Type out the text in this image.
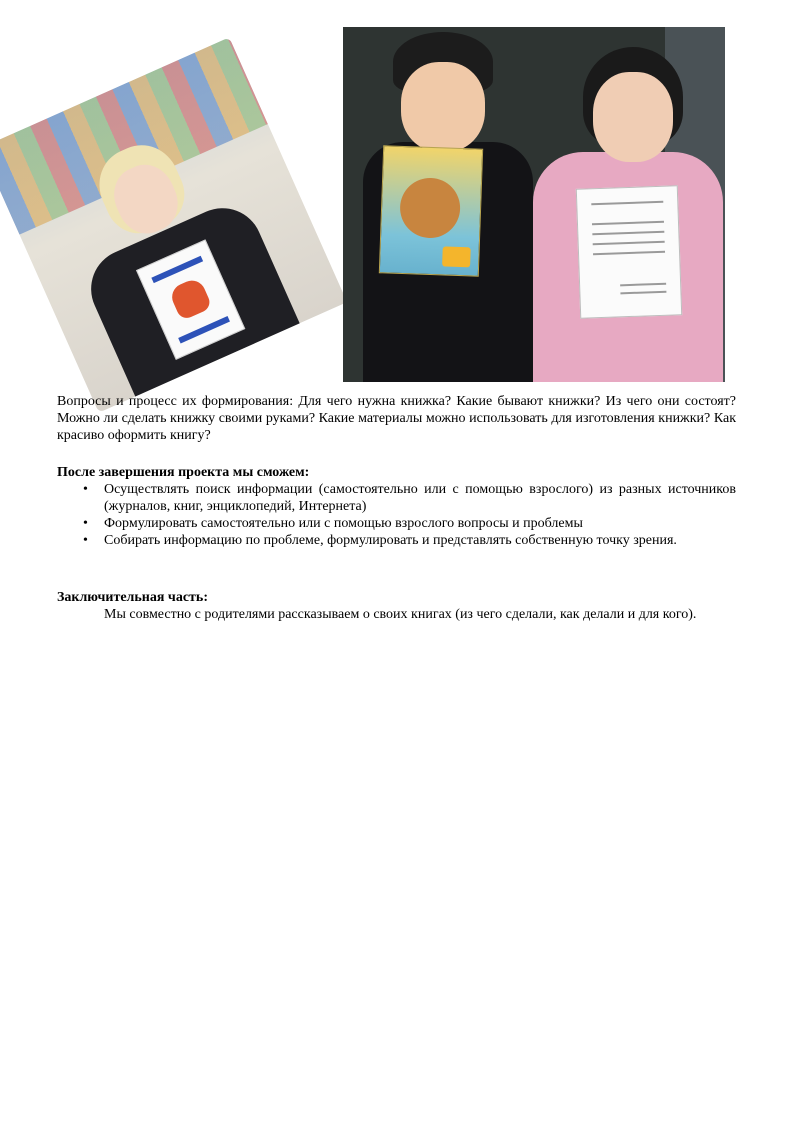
Вопросы и процесс их формирования: Для чего нужна книжка? Какие бывают книжки? Из чего они состоят? Можно ли сделать книжку своими руками? Какие материалы можно использовать для изготовления книжки? Как красиво оформить книгу?
После завершения проекта мы сможем:
• Осуществлять поиск информации (самостоятельно или с помощью взрослого) из разных источников (журналов, книг, энциклопедий, Интернета)
• Формулировать самостоятельно или с помощью взрослого вопросы и проблемы
• Собирать информацию по проблеме, формулировать и представлять собственную точку зрения.
Заключительная часть:
Мы совместно с родителями рассказываем о своих книгах (из чего сделали, как делали и для кого).
